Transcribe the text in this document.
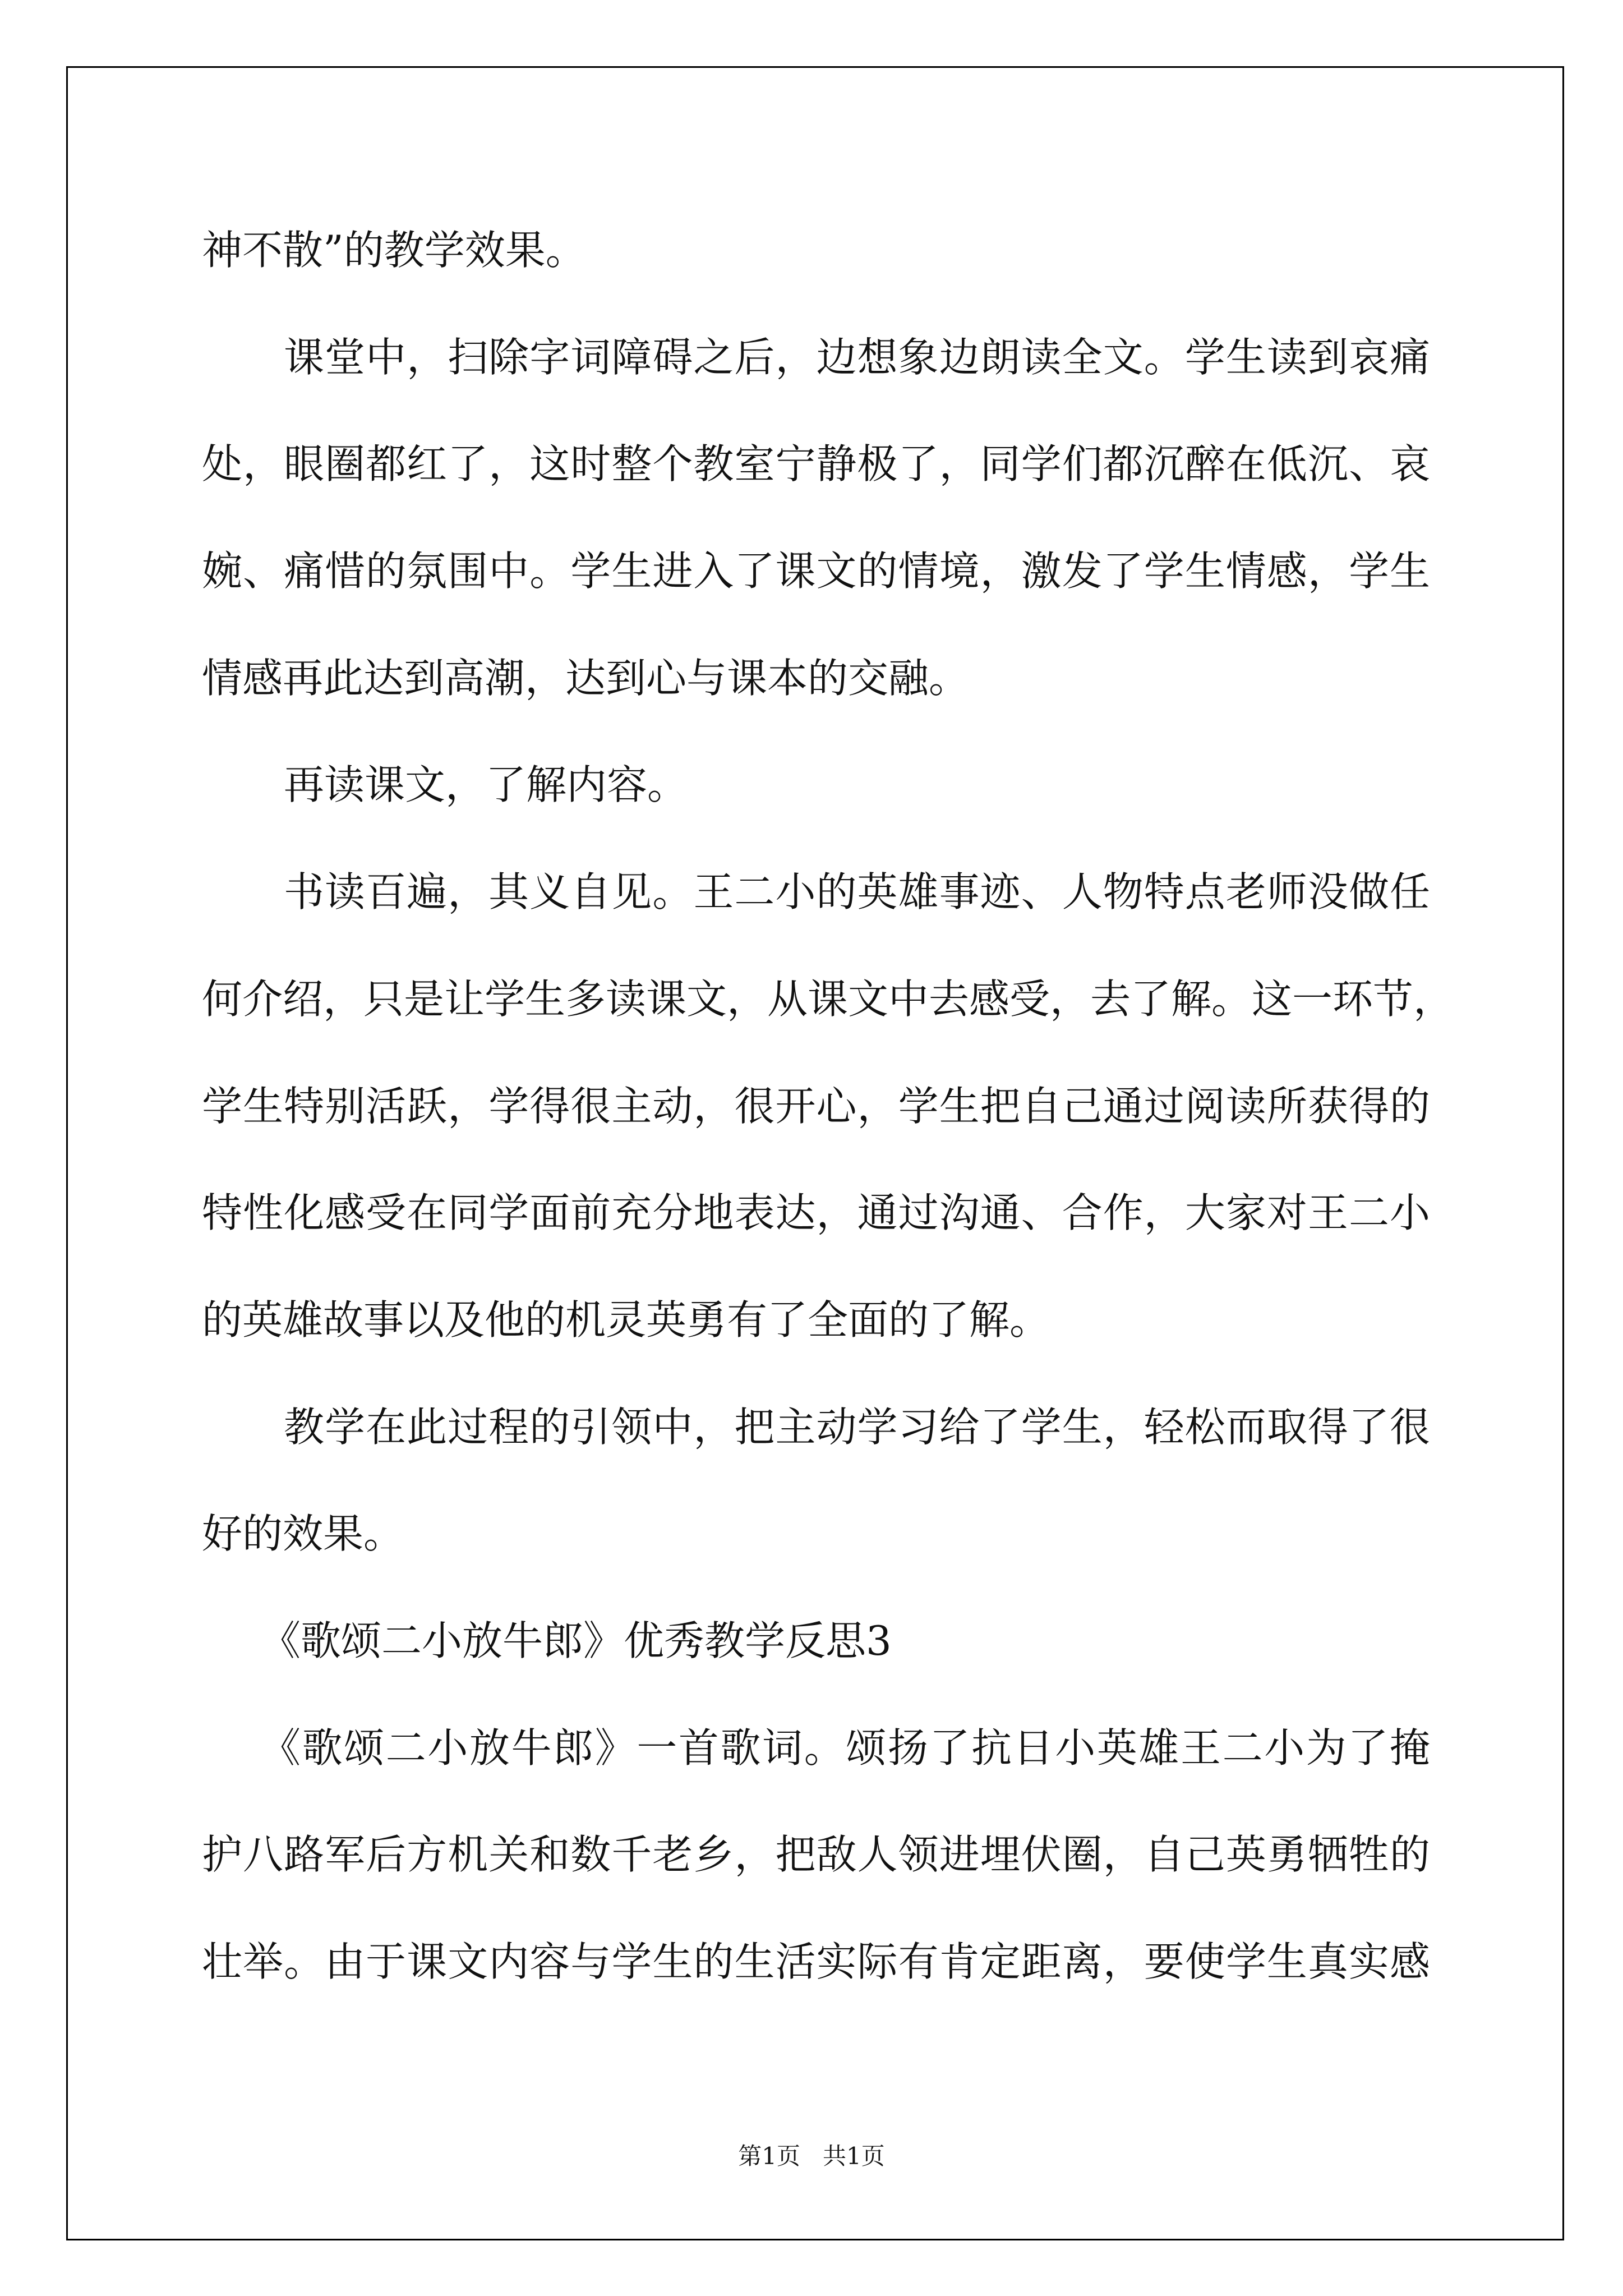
神不散”的教学效果。
课堂中，扫除字词障碍之后，边想象边朗读全文。学生读到哀痛
处，眼圈都红了，这时整个教室宁静极了，同学们都沉醉在低沉、哀
婉、痛惜的氛围中。学生进入了课文的情境，激发了学生情感，学生
情感再此达到高潮，达到心与课本的交融。
再读课文，了解内容。
书读百遍，其义自见。王二小的英雄事迹、人物特点老师没做任
何介绍，只是让学生多读课文，从课文中去感受，去了解。这一环节，
学生特别活跃，学得很主动，很开心，学生把自己通过阅读所获得的
特性化感受在同学面前充分地表达，通过沟通、合作，大家对王二小
的英雄故事以及他的机灵英勇有了全面的了解。
教学在此过程的引领中，把主动学习给了学生，轻松而取得了很
好的效果。
《歌颂二小放牛郎》优秀教学反思3
《歌颂二小放牛郎》一首歌词。颂扬了抗日小英雄王二小为了掩
护八路军后方机关和数千老乡，把敌人领进埋伏圈，自己英勇牺牲的
壮举。由于课文内容与学生的生活实际有肯定距离，要使学生真实感
第1页 共1页
